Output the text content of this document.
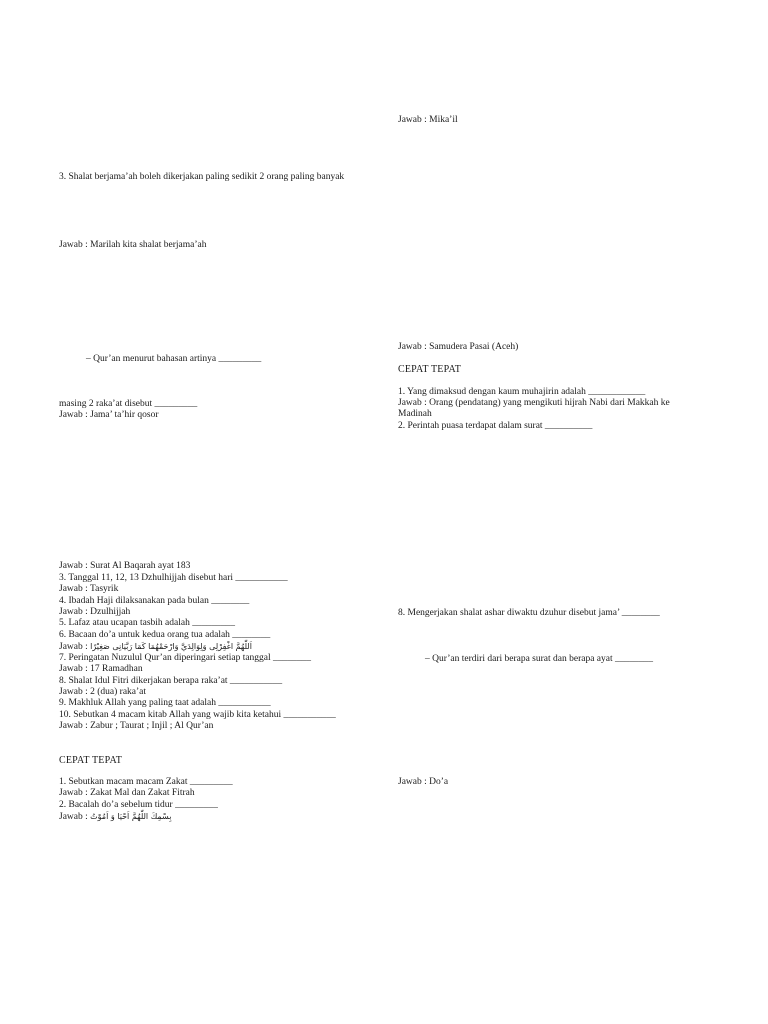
Jawab : Mika’il
3. Shalat berjama’ah boleh dikerjakan paling sedikit 2 orang paling banyak
Jawab : Marilah kita shalat berjama’ah
– Qur’an menurut bahasan artinya _________
masing 2 raka’at disebut _________
Jawab : Jama’ ta’hir qosor
Jawab : Samudera Pasai (Aceh)
CEPAT TEPAT
1. Yang dimaksud dengan kaum muhajirin adalah ____________
Jawab : Orang (pendatang) yang mengikuti hijrah Nabi dari Makkah ke Madinah
2. Perintah puasa terdapat dalam surat __________
Jawab : Surat Al Baqarah ayat 183
3. Tanggal 11, 12, 13 Dzhulhijjah disebut hari ___________
Jawab : Tasyrik
4. Ibadah Haji dilaksanakan pada bulan ________
Jawab : Dzulhijjah
5. Lafaz atau ucapan tasbih adalah _________
6. Bacaan do’a untuk kedua orang tua adalah ________
Jawab : اَللّٰهُمَّ اغْفِرْلِى وَلِوَالِدَيَّ وَارْحَمْهُمَا كَمَا رَبَّيَانِى صَغِيْرًا
7. Peringatan Nuzulul Qur’an diperingari setiap tanggal ________
Jawab : 17 Ramadhan
8. Shalat Idul Fitri dikerjakan berapa raka’at ___________
Jawab : 2 (dua) raka’at
9. Makhluk Allah yang paling taat adalah ___________
10. Sebutkan 4 macam kitab Allah yang wajib kita ketahui ___________
Jawab : Zabur ; Taurat ; Injil ; Al Qur’an
8. Mengerjakan shalat ashar diwaktu dzuhur disebut jama’ ________
– Qur’an terdiri dari berapa surat dan berapa ayat ________
Jawab : Do’a
CEPAT TEPAT
1. Sebutkan macam macam Zakat _________
Jawab : Zakat Mal dan Zakat Fitrah
2. Bacalah do’a sebelum tidur _________
Jawab : بِسْمِكَ اللّٰهُمَّ اَحْيَا وَ اَمُوْتُ
